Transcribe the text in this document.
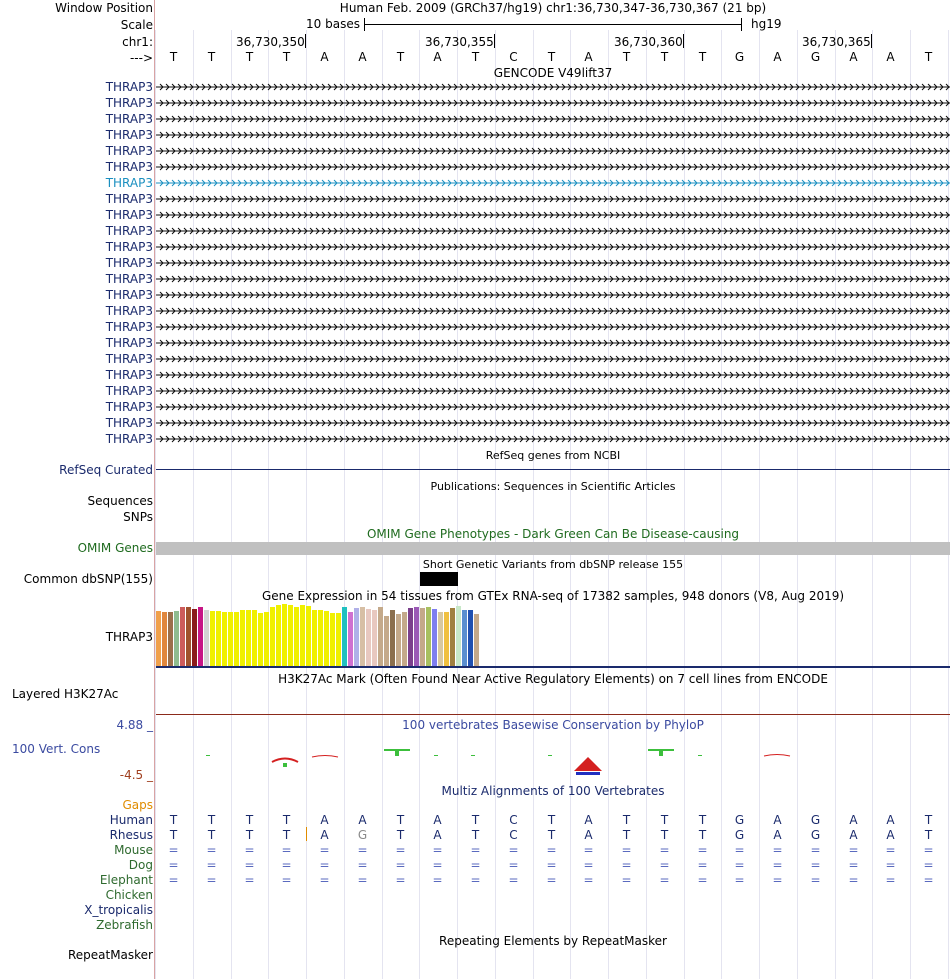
Window Position	Human Feb. 2009 (GRCh37/hg19) chr1:36,730,347-36,730,367 (21 bp)
Scale	10 bases	hg19
chr1:	36,730,350	36,730,355	36,730,360	36,730,365
--->	T	T	T	T	A	A	T	A	T	C	T	A	T	T	T	G	A	G	A	A	T
GENCODE V49lift37
THRAP3
THRAP3
THRAP3
THRAP3
THRAP3
THRAP3
THRAP3
THRAP3
THRAP3
THRAP3
THRAP3
THRAP3
THRAP3
THRAP3
THRAP3
THRAP3
THRAP3
THRAP3
THRAP3
THRAP3
THRAP3
THRAP3
THRAP3
RefSeq genes from NCBI
RefSeq Curated
Publications: Sequences in Scientific Articles
Sequences
SNPs
OMIM Gene Phenotypes - Dark Green Can Be Disease-causing
OMIM Genes
Short Genetic Variants from dbSNP release 155
Common dbSNP(155)
Gene Expression in 54 tissues from GTEx RNA-seq of 17382 samples, 948 donors (V8, Aug 2019)
THRAP3
H3K27Ac Mark (Often Found Near Active Regulatory Elements) on 7 cell lines from ENCODE
Layered H3K27Ac
100 vertebrates Basewise Conservation by PhyloP
4.88 _
100 Vert. Cons
-4.5 _
Multiz Alignments of 100 Vertebrates
Gaps
Human	T	T	T	T	A	A	T	A	T	C	T	A	T	T	T	G	A	G	A	A	T
Rhesus	T	T	T	T	A	G	T	A	T	C	T	A	T	T	T	G	A	G	A	A	T
Mouse	=	=	=	=	=	=	=	=	=	=	=	=	=	=	=	=	=	=	=	=	=
Dog	=	=	=	=	=	=	=	=	=	=	=	=	=	=	=	=	=	=	=	=	=
Elephant	=	=	=	=	=	=	=	=	=	=	=	=	=	=	=	=	=	=	=	=	=
Chicken
X_tropicalis
Zebrafish
Repeating Elements by RepeatMasker
RepeatMasker
